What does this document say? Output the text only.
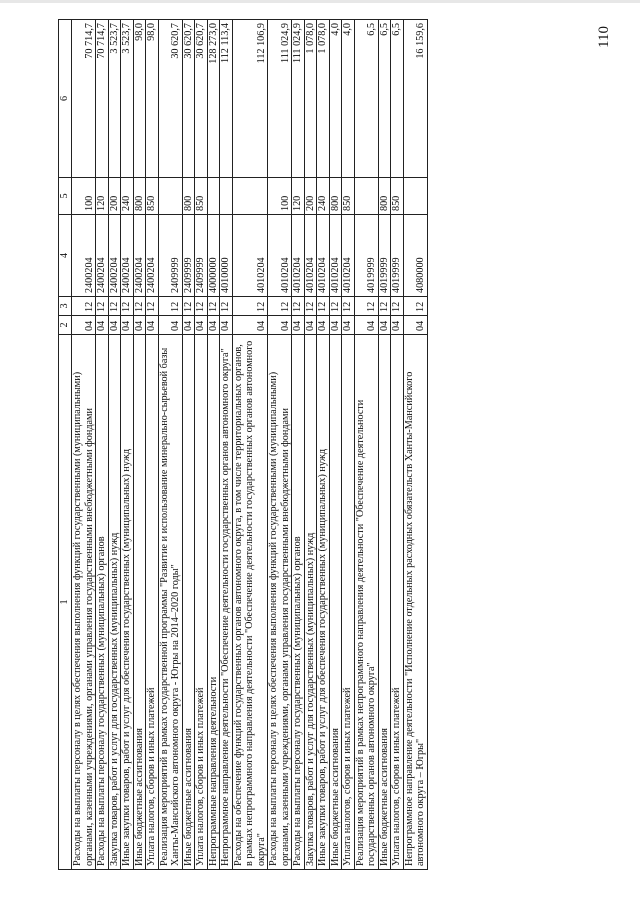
110
1	2	3	4	5	6
Расходы на выплаты персоналу в целях обеспечения выполнения функций государственными (муниципальными) органами, казенными учреждениями, органами управления государственными внебюджетными фондами	04	12	2400204	100	70 714,7
Расходы на выплаты персоналу государственных (муниципальных) органов	04	12	2400204	120	70 714,7
Закупка товаров, работ и услуг для государственных (муниципальных) нужд	04	12	2400204	200	3 523,7
Иные закупки товаров, работ и услуг для обеспечения государственных (муниципальных) нужд	04	12	2400204	240	3 523,7
Иные бюджетные ассигнования	04	12	2400204	800	98,0
Уплата налогов, сборов и иных платежей	04	12	2400204	850	98,0
Реализация мероприятий в рамках государственной программы "Развитие и использование минерально-сырьевой базы Ханты-Мансийского автономного округа - Югры на 2014–2020 годы"	04	12	2409999		30 620,7
Иные бюджетные ассигнования	04	12	2409999	800	30 620,7
Уплата налогов, сборов и иных платежей	04	12	2409999	850	30 620,7
Непрограммные направления деятельности	04	12	4000000		128 273,0
Непрограммное направление деятельности "Обеспечение деятельности государственных органов автономного округа"	04	12	4010000		112 113,4
Расходы на обеспечение функций государственных органов автономного округа, в том числе территориальных органов, в рамках непрограммного направления деятельности "Обеспечение деятельности государственных органов автономного округа"	04	12	4010204		112 106,9
Расходы на выплаты персоналу в целях обеспечения выполнения функций государственными (муниципальными) органами, казенными учреждениями, органами управления государственными внебюджетными фондами	04	12	4010204	100	111 024,9
Расходы на выплаты персоналу государственных (муниципальных) органов	04	12	4010204	120	111 024,9
Закупка товаров, работ и услуг для государственных (муниципальных) нужд	04	12	4010204	200	1 078,0
Иные закупки товаров, работ и услуг для обеспечения государственных (муниципальных) нужд	04	12	4010204	240	1 078,0
Иные бюджетные ассигнования	04	12	4010204	800	4,0
Уплата налогов, сборов и иных платежей	04	12	4010204	850	4,0
Реализация мероприятий в рамках непрограммного направления деятельности "Обеспечение деятельности государственных органов автономного округа"	04	12	4019999		6,5
Иные бюджетные ассигнования	04	12	4019999	800	6,5
Уплата налогов, сборов и иных платежей	04	12	4019999	850	6,5
Непрограммное направление деятельности "Исполнение отдельных расходных обязательств Ханты-Мансийского автономного округа – Югры"	04	12	4080000		16 159,6
